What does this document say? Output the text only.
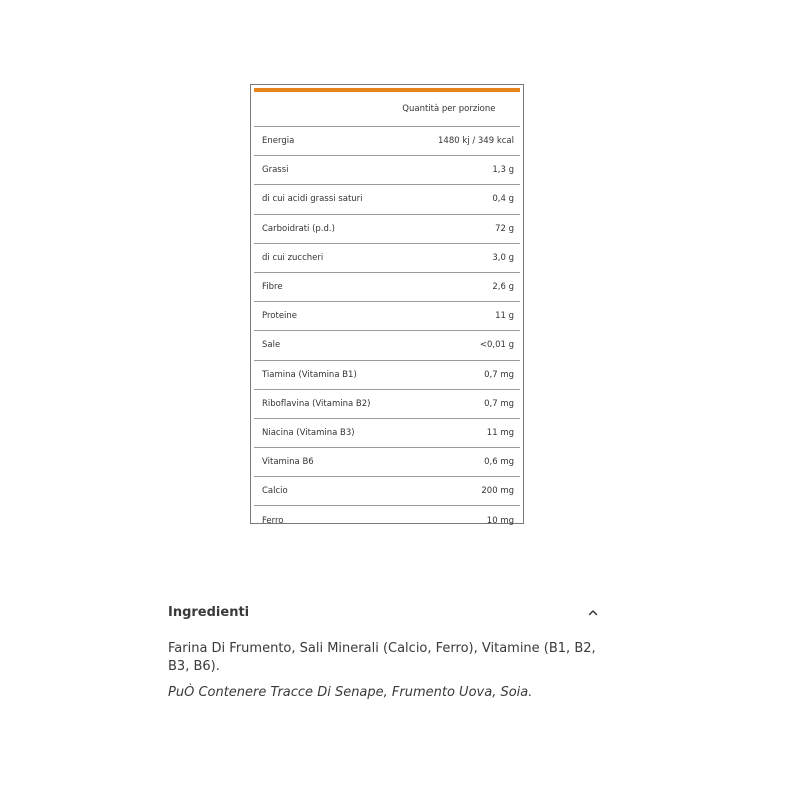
	Quantità per porzione
Energia	1480 kj / 349 kcal
Grassi	1,3 g
di cui acidi grassi saturi	0,4 g
Carboidrati (p.d.)	72 g
di cui zuccheri	3,0 g
Fibre	2,6 g
Proteine	11 g
Sale	<0,01 g
Tiamina (Vitamina B1)	0,7 mg
Riboflavina (Vitamina B2)	0,7 mg
Niacina (Vitamina B3)	11 mg
Vitamina B6	0,6 mg
Calcio	200 mg
Ferro	10 mg
Ingredienti
Farina Di Frumento, Sali Minerali (Calcio, Ferro), Vitamine (B1, B2, B3, B6).
PuÒ Contenere Tracce Di Senape, Frumento Uova, Soia.
